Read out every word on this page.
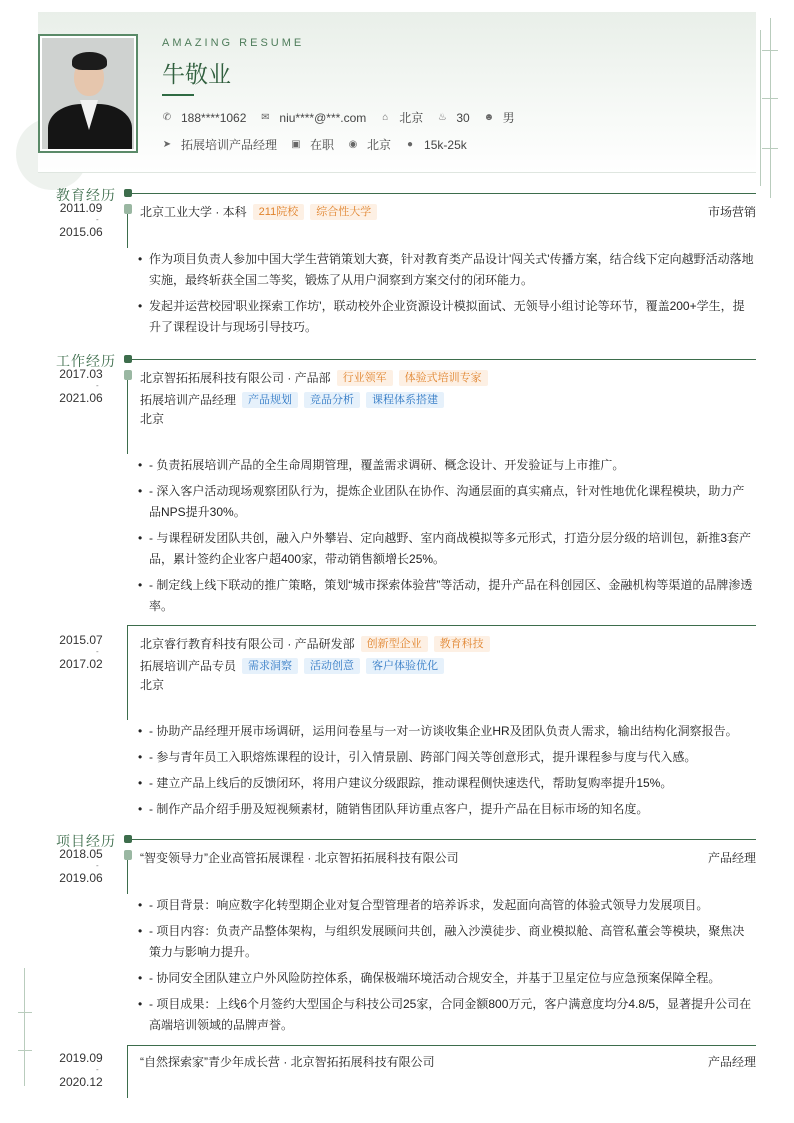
AMAZING RESUME
牛敬业
✆ 188****1062 ✉ niu****@***.com ⌂ 北京 ♨ 30 ☻ 男
➤ 拓展培训产品经理 ▣ 在职 ◉ 北京 ● 15k-25k
教育经历
2011.09
-
2015.06
北京工业大学 · 本科	211院校	综合性大学	市场营销
• 作为项目负责人参加中国大学生营销策划大赛，针对教育类产品设计'闯关式'传播方案，结合线下定向越野活动落地实施，最终斩获全国二等奖，锻炼了从用户洞察到方案交付的闭环能力。
• 发起并运营校园'职业探索工作坊'，联动校外企业资源设计模拟面试、无领导小组讨论等环节，覆盖200+学生，提升了课程设计与现场引导技巧。
工作经历
2017.03
-
2021.06
北京智拓拓展科技有限公司 · 产品部	行业领军	体验式培训专家
拓展培训产品经理	产品规划	竞品分析	课程体系搭建
北京
• - 负责拓展培训产品的全生命周期管理，覆盖需求调研、概念设计、开发验证与上市推广。
• - 深入客户活动现场观察团队行为，提炼企业团队在协作、沟通层面的真实痛点，针对性地优化课程模块，助力产品NPS提升30%。
• - 与课程研发团队共创，融入户外攀岩、定向越野、室内商战模拟等多元形式，打造分层分级的培训包，新推3套产品，累计签约企业客户超400家，带动销售额增长25%。
• - 制定线上线下联动的推广策略，策划“城市探索体验营”等活动，提升产品在科创园区、金融机构等渠道的品牌渗透率。
2015.07
-
2017.02
北京睿行教育科技有限公司 · 产品研发部	创新型企业	教育科技
拓展培训产品专员	需求洞察	活动创意	客户体验优化
北京
• - 协助产品经理开展市场调研，运用问卷星与一对一访谈收集企业HR及团队负责人需求，输出结构化洞察报告。
• - 参与青年员工入职熔炼课程的设计，引入情景剧、跨部门闯关等创意形式，提升课程参与度与代入感。
• - 建立产品上线后的反馈闭环，将用户建议分级跟踪，推动课程侧快速迭代，帮助复购率提升15%。
• - 制作产品介绍手册及短视频素材，随销售团队拜访重点客户，提升产品在目标市场的知名度。
项目经历
2018.05
-
2019.06
“智变领导力”企业高管拓展课程 · 北京智拓拓展科技有限公司	产品经理
• - 项目背景：响应数字化转型期企业对复合型管理者的培养诉求，发起面向高管的体验式领导力发展项目。
• - 项目内容：负责产品整体架构，与组织发展顾问共创，融入沙漠徒步、商业模拟舱、高管私董会等模块，聚焦决策力与影响力提升。
• - 协同安全团队建立户外风险防控体系，确保极端环境活动合规安全，并基于卫星定位与应急预案保障全程。
• - 项目成果：上线6个月签约大型国企与科技公司25家，合同金额800万元，客户满意度均分4.8/5，显著提升公司在高端培训领域的品牌声誉。
2019.09
-
2020.12
“自然探索家”青少年成长营 · 北京智拓拓展科技有限公司	产品经理
